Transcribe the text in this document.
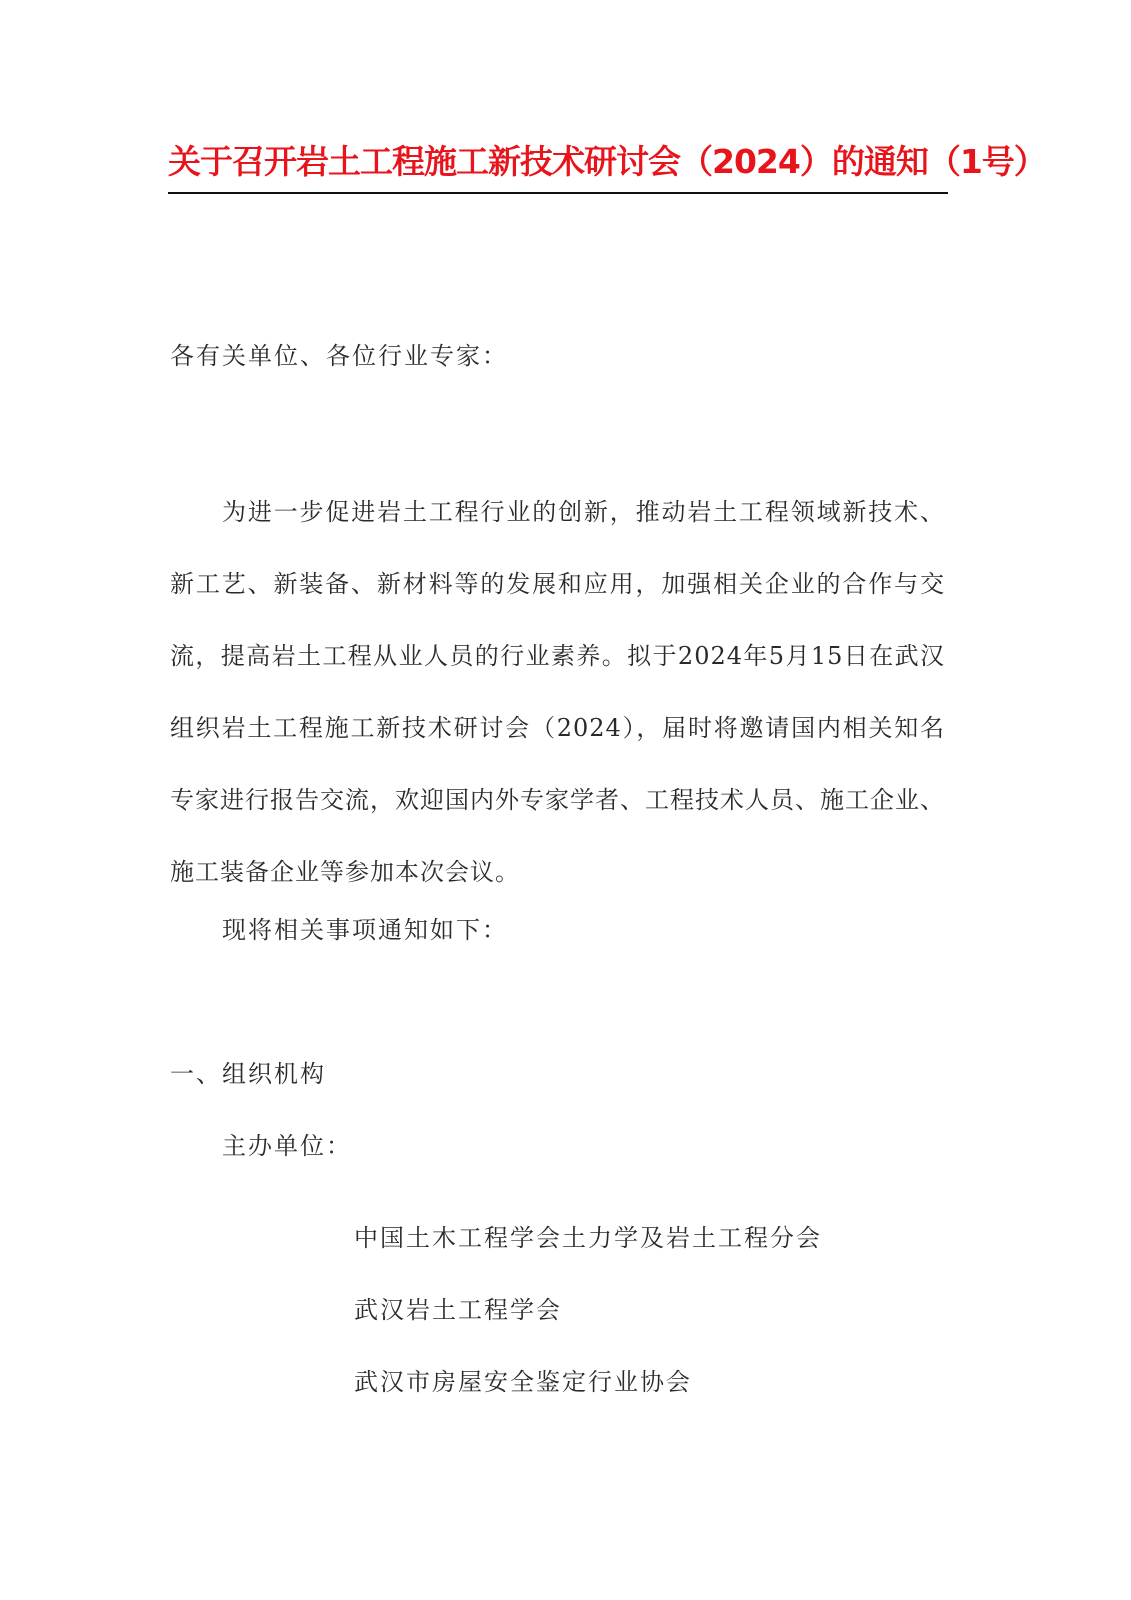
关于召开岩土工程施工新技术研讨会（2024）的通知（1号）
各有关单位、各位行业专家：
为进一步促进岩土工程行业的创新，推动岩土工程领域新技术、新工艺、新装备、新材料等的发展和应用，加强相关企业的合作与交流，提高岩土工程从业人员的行业素养。拟于2024年5月15日在武汉组织岩土工程施工新技术研讨会（2024），届时将邀请国内相关知名专家进行报告交流，欢迎国内外专家学者、工程技术人员、施工企业、施工装备企业等参加本次会议。
现将相关事项通知如下：
一、组织机构
主办单位：
中国土木工程学会土力学及岩土工程分会
武汉岩土工程学会
武汉市房屋安全鉴定行业协会
